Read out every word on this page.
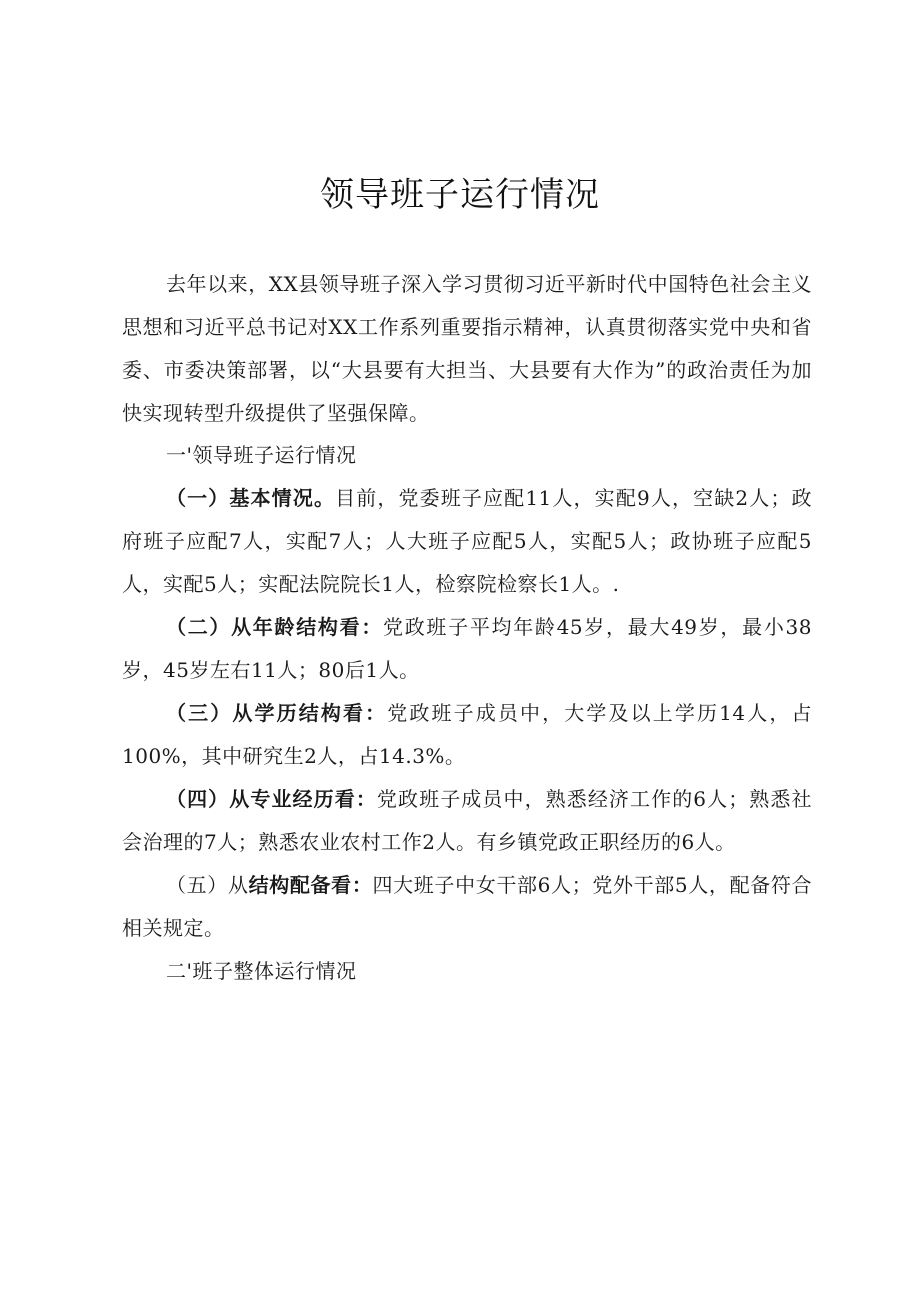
领导班子运行情况

去年以来，XX县领导班子深入学习贯彻习近平新时代中国特色社会主义思想和习近平总书记对XX工作系列重要指示精神，认真贯彻落实党中央和省委、市委决策部署，以“大县要有大担当、大县要有大作为”的政治责任为加快实现转型升级提供了坚强保障。

一'领导班子运行情况

（一）基本情况。目前，党委班子应配11人，实配9人，空缺2人；政府班子应配7人，实配7人；人大班子应配5人，实配5人；政协班子应配5人，实配5人；实配法院院长1人，检察院检察长1人。.

（二）从年龄结构看：党政班子平均年龄45岁，最大49岁，最小38岁，45岁左右11人；80后1人。

（三）从学历结构看：党政班子成员中，大学及以上学历14人，占100%，其中研究生2人，占14.3%。

（四）从专业经历看：党政班子成员中，熟悉经济工作的6人；熟悉社会治理的7人；熟悉农业农村工作2人。有乡镇党政正职经历的6人。

（五）从结构配备看：四大班子中女干部6人；党外干部5人，配备符合相关规定。

二'班子整体运行情况
